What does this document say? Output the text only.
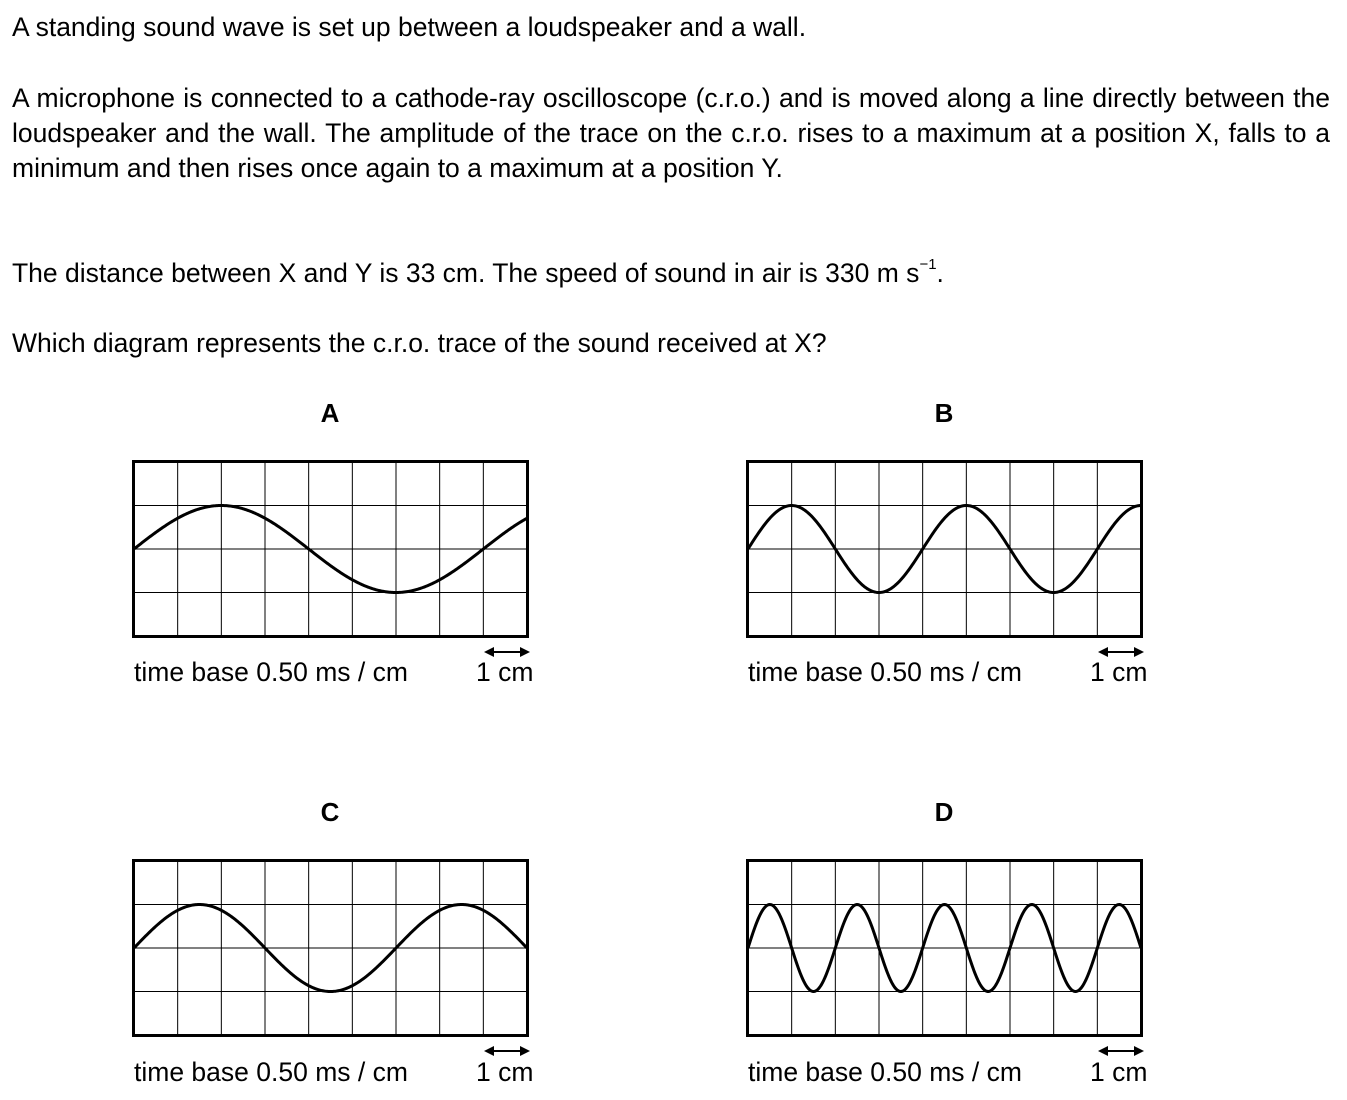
A standing sound wave is set up between a loudspeaker and a wall.

A microphone is connected to a cathode-ray oscilloscope (c.r.o.) and is moved along a line directly between the loudspeaker and the wall. The amplitude of the trace on the c.r.o. rises to a maximum at a position X, falls to a minimum and then rises once again to a maximum at a position Y.

The distance between X and Y is 33 cm. The speed of sound in air is 330 m $s^{-1}$.

Which diagram represents the c.r.o. trace of the sound received at X?

A
time base 0.50 ms / cm	1 cm
B
time base 0.50 ms / cm	1 cm
C
time base 0.50 ms / cm	1 cm
D
time base 0.50 ms / cm	1 cm
